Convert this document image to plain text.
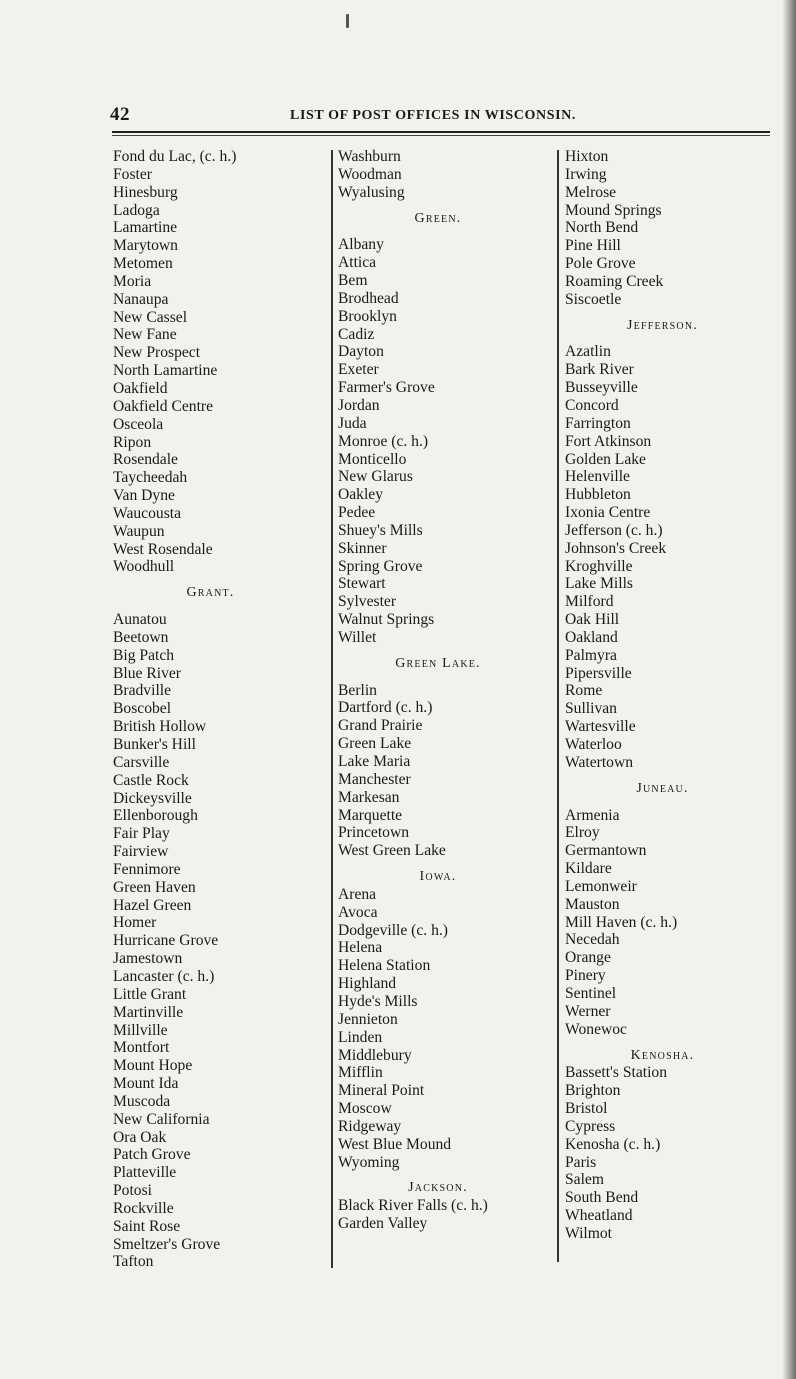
42	LIST OF POST OFFICES IN WISCONSIN.
Fond du Lac, (c. h.)
Foster
Hinesburg
Ladoga
Lamartine
Marytown
Metomen
Moria
Nanaupa
New Cassel
New Fane
New Prospect
North Lamartine
Oakfield
Oakfield Centre
Osceola
Ripon
Rosendale
Taycheedah
Van Dyne
Waucousta
Waupun
West Rosendale
Woodhull
Grant.
Aunatou
Beetown
Big Patch
Blue River
Bradville
Boscobel
British Hollow
Bunker's Hill
Carsville
Castle Rock
Dickeysville
Ellenborough
Fair Play
Fairview
Fennimore
Green Haven
Hazel Green
Homer
Hurricane Grove
Jamestown
Lancaster (c. h.)
Little Grant
Martinville
Millville
Montfort
Mount Hope
Mount Ida
Muscoda
New California
Ora Oak
Patch Grove
Platteville
Potosi
Rockville
Saint Rose
Smeltzer's Grove
Tafton
Washburn
Woodman
Wyalusing
Green.
Albany
Attica
Bem
Brodhead
Brooklyn
Cadiz
Dayton
Exeter
Farmer's Grove
Jordan
Juda
Monroe (c. h.)
Monticello
New Glarus
Oakley
Pedee
Shuey's Mills
Skinner
Spring Grove
Stewart
Sylvester
Walnut Springs
Willet
Green Lake.
Berlin
Dartford (c. h.)
Grand Prairie
Green Lake
Lake Maria
Manchester
Markesan
Marquette
Princetown
West Green Lake
Iowa.
Arena
Avoca
Dodgeville (c. h.)
Helena
Helena Station
Highland
Hyde's Mills
Jennieton
Linden
Middlebury
Mifflin
Mineral Point
Moscow
Ridgeway
West Blue Mound
Wyoming
Jackson.
Black River Falls (c. h.)
Garden Valley
Hixton
Irwing
Melrose
Mound Springs
North Bend
Pine Hill
Pole Grove
Roaming Creek
Siscoetle
Jefferson.
Azatlin
Bark River
Busseyville
Concord
Farrington
Fort Atkinson
Golden Lake
Helenville
Hubbleton
Ixonia Centre
Jefferson (c. h.)
Johnson's Creek
Kroghville
Lake Mills
Milford
Oak Hill
Oakland
Palmyra
Pipersville
Rome
Sullivan
Wartesville
Waterloo
Watertown
Juneau.
Armenia
Elroy
Germantown
Kildare
Lemonweir
Mauston
Mill Haven (c. h.)
Necedah
Orange
Pinery
Sentinel
Werner
Wonewoc
Kenosha.
Bassett's Station
Brighton
Bristol
Cypress
Kenosha (c. h.)
Paris
Salem
South Bend
Wheatland
Wilmot
